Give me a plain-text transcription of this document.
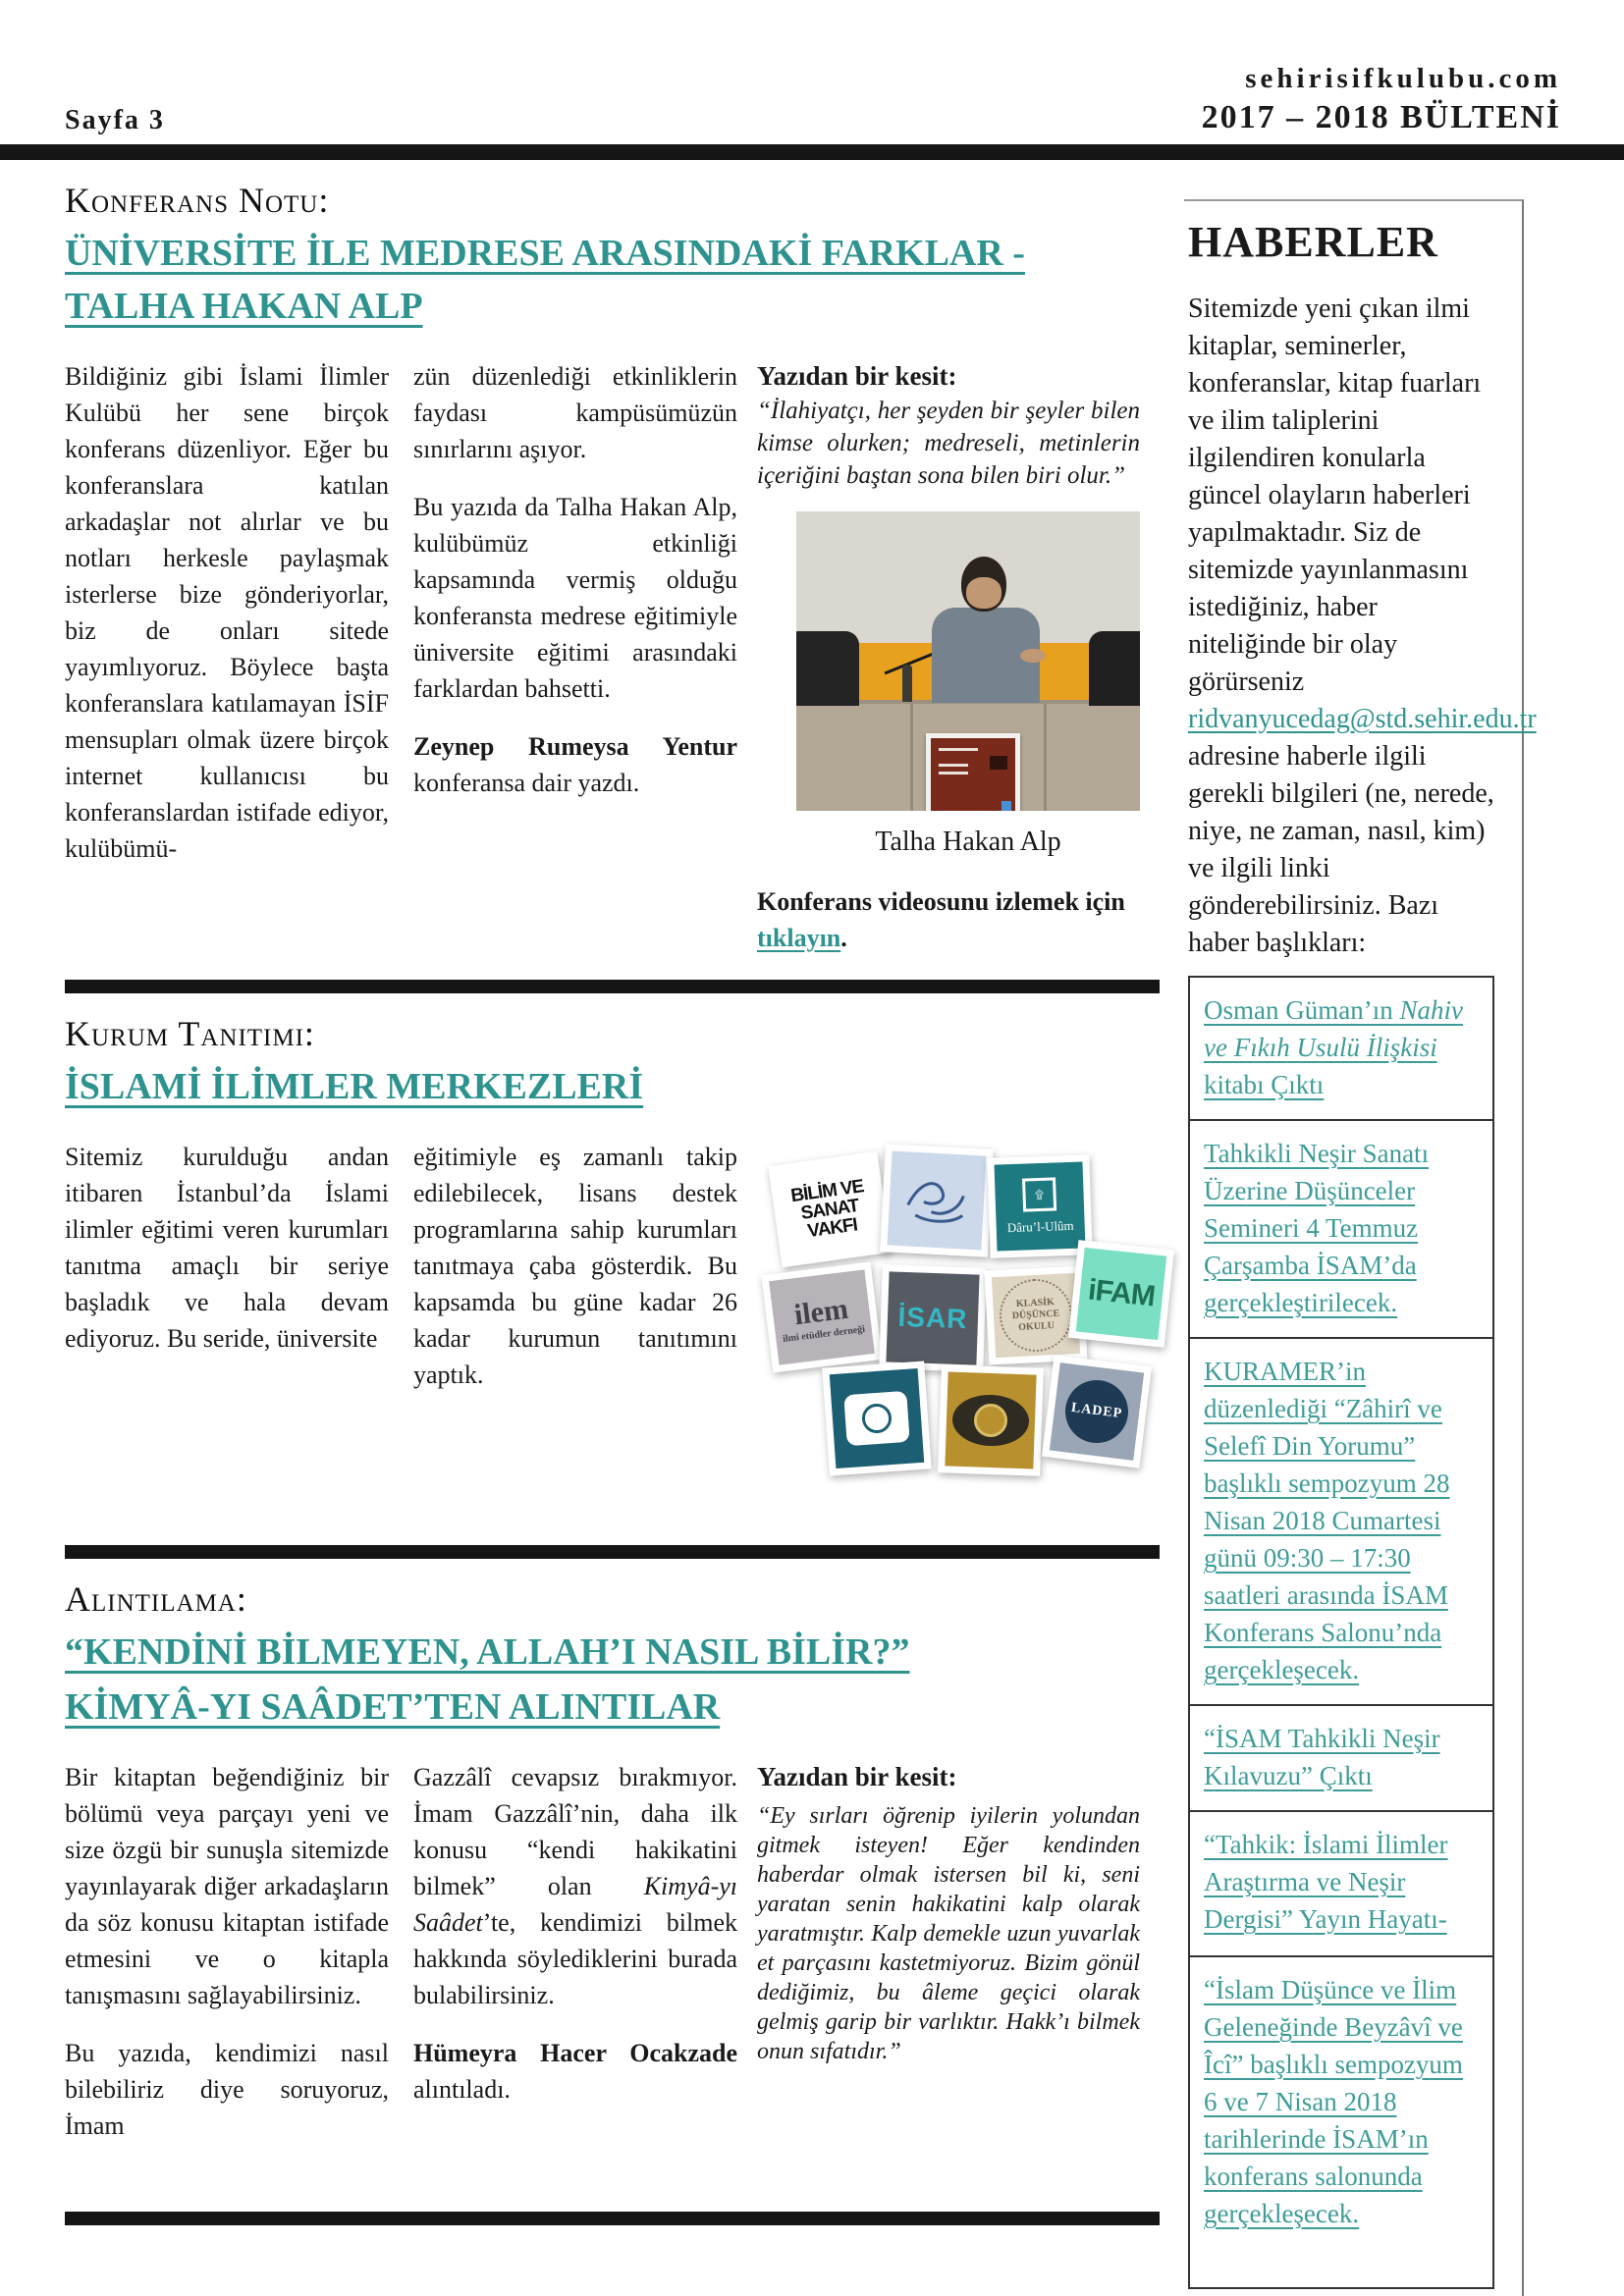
Sayfa 3
sehirisifkulubu.com
2017 – 2018 BÜLTENİ
Konferans Notu:
ÜNİVERSİTE İLE MEDRESE ARASINDAKİ FARKLAR - TALHA HAKAN ALP

Bildiğiniz gibi İslami İlimler Kulübü her sene birçok konferans düzenliyor. Eğer bu konferanslara katılan arkadaşlar not alırlar ve bu notları herkesle paylaşmak isterlerse bize gönderiyorlar, biz de onları sitede yayımlıyoruz. Böylece başta konferanslara katılamayan İSİF mensupları olmak üzere birçok internet kullanıcısı bu konferanslardan istifade ediyor, kulübümü-

zün düzenlediği etkinliklerin faydası kampüsümüzün sınırlarını aşıyor.

Bu yazıda da Talha Hakan Alp, kulübümüz etkinliği kapsamında vermiş olduğu konferansta medrese eğitimiyle üniversite eğitimi arasındaki farklardan bahsetti.

Zeynep Rumeysa Yentur konferansa dair yazdı.

Yazıdan bir kesit:

“İlahiyatçı, her şeyden bir şeyler bilen kimse olurken; medreseli, metinlerin içeriğini baştan sona bilen biri olur.”

Talha Hakan Alp

Konferans videosunu izlemek için tıklayın.

Kurum Tanıtımı:
İSLAMİ İLİMLER MERKEZLERİ

Sitemiz kurulduğu andan itibaren İstanbul’da İslami ilimler eğitimi veren kurumları tanıtma amaçlı bir seriye başladık ve hala devam ediyoruz. Bu seride, üniversite

eğitimiyle eş zamanlı takip edilebilecek, lisans destek programlarına sahip kurumları tanıtmaya çaba gösterdik. Bu kapsamda bu güne kadar 26 kadar kurumun tanıtımını yaptık.

BİLİM VE SANAT VAKFI
۩
Dâru’l-Ulûm
ilem
ilmi etüdler derneği İSAR	KLASİK DÜŞÜNCE OKULU
iFAM
LADEP
Alıntılama:
“KENDİNİ BİLMEYEN, ALLAH’I NASIL BİLİR?”
KİMYÂ-YI SAÂDET’TEN ALINTILAR

Bir kitaptan beğendiğiniz bir bölümü veya parçayı yeni ve size özgü bir sunuşla sitemizde yayınlayarak diğer arkadaşların da söz konusu kitaptan istifade etmesini ve o kitapla tanışmasını sağlayabilirsiniz.

Bu yazıda, kendimizi nasıl bilebiliriz diye soruyoruz, İmam

Gazzâlî cevapsız bırakmıyor. İmam Gazzâlî’nin, daha ilk konusu “kendi hakikatini bilmek” olan Kimyâ-yı Saâdet’te, kendimizi bilmek hakkında söylediklerini burada bulabilirsiniz.

Hümeyra Hacer Ocakzade alıntıladı.

Yazıdan bir kesit:

“Ey sırları öğrenip iyilerin yolundan gitmek isteyen! Eğer kendinden haberdar olmak istersen bil ki, seni yaratan senin hakikatini kalp olarak yaratmıştır. Kalp demekle uzun yuvarlak et parçasını kastetmiyoruz. Bizim gönül dediğimiz, bu âleme geçici olarak gelmiş garip bir varlıktır. Hakk’ı bilmek onun sıfatıdır.”

HABERLER

Sitemizde yeni çıkan ilmi kitaplar, seminerler, konferanslar, kitap fuarları ve ilim taliplerini ilgilendiren konularla güncel olayların haberleri yapılmaktadır. Siz de sitemizde yayınlanmasını istediğiniz, haber niteliğinde bir olay görürseniz ridvanyucedag@std.sehir.edu.tr adresine haberle ilgili gerekli bilgileri (ne, nerede, niye, ne zaman, nasıl, kim) ve ilgili linki gönderebilirsiniz. Bazı haber başlıkları:

Osman Güman’ın Nahiv ve Fıkıh Usulü İlişkisi kitabı Çıktı
Tahkikli Neşir Sanatı Üzerine Düşünceler Semineri 4 Temmuz Çarşamba İSAM’da gerçekleştirilecek.
KURAMER’in düzenlediği “Zâhirî ve Selefî Din Yorumu” başlıklı sempozyum 28 Nisan 2018 Cumartesi günü 09:30 – 17:30 saatleri arasında İSAM Konferans Salonu’nda gerçekleşecek.
“İSAM Tahkikli Neşir Kılavuzu” Çıktı
“Tahkik: İslami İlimler Araştırma ve Neşir Dergisi” Yayın Hayatı-
“İslam Düşünce ve İlim Geleneğinde Beyzâvî ve Îcî” başlıklı sempozyum 6 ve 7 Nisan 2018 tarihlerinde İSAM’ın konferans salonunda gerçekleşecek.
